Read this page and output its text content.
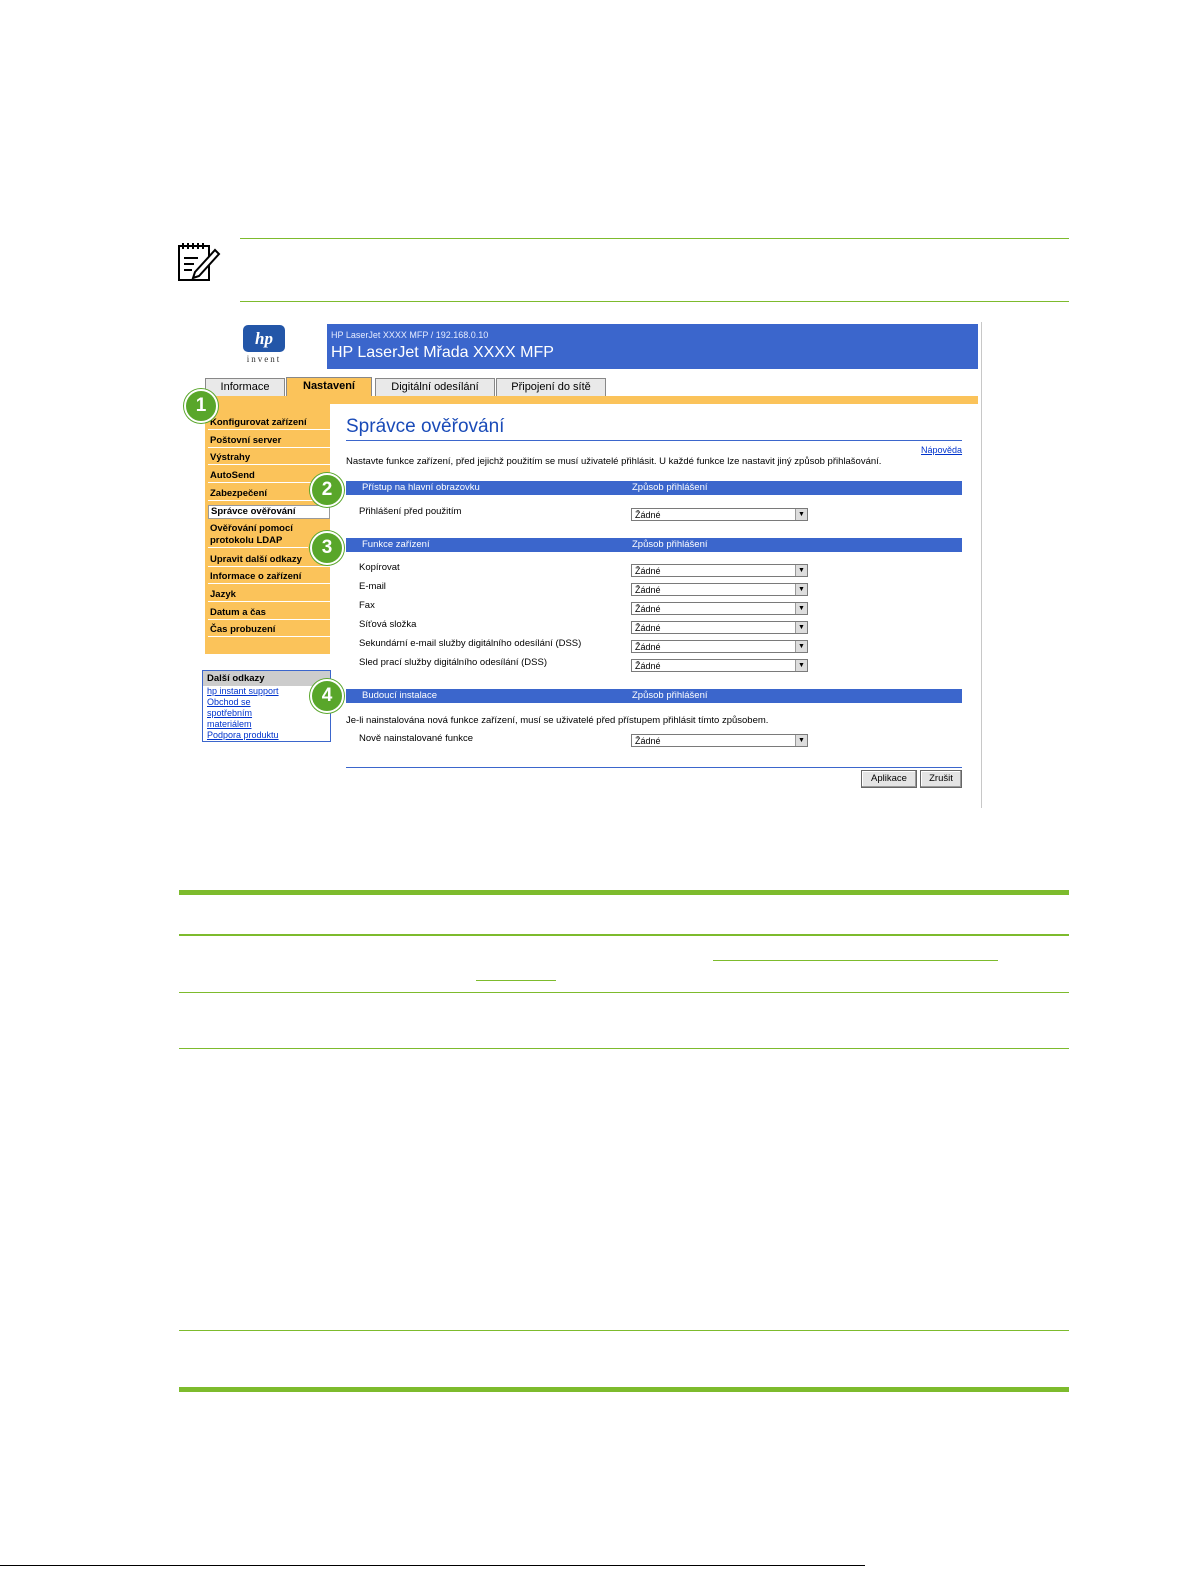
hp
invent
HP LaserJet XXXX MFP / 192.168.0.10
HP LaserJet Mřada XXXX MFP
Informace	Nastavení	Digitální odesílání	Připojení do sítě
Konfigurovat zařízení
Poštovní server
Výstrahy
AutoSend
Zabezpečení
Správce ověřování
Ověřování pomocí protokolu LDAP
Upravit další odkazy
Informace o zařízení
Jazyk
Datum a čas
Čas probuzení
Další odkazy
hp instant support
Obchod se spotřebním materiálem
Podpora produktu
1
2
3
4
Správce ověřování
Nápověda
Nastavte funkce zařízení, před jejichž použitím se musí uživatelé přihlásit. U každé funkce lze nastavit jiný způsob přihlašování.
Přístup na hlavní obrazovku	Způsob přihlášení
Přihlášení před použitím	Žádné	▼
Funkce zařízení	Způsob přihlášení
Kopírovat	Žádné	▼
E-mail	Žádné	▼
Fax	Žádné	▼
Síťová složka	Žádné	▼
Sekundární e-mail služby digitálního odesílání (DSS)	Žádné	▼
Sled prací služby digitálního odesílání (DSS)	Žádné	▼
Budoucí instalace	Způsob přihlášení
Je-li nainstalována nová funkce zařízení, musí se uživatelé před přístupem přihlásit tímto způsobem.
Nově nainstalované funkce	Žádné	▼
Aplikace	Zrušit
